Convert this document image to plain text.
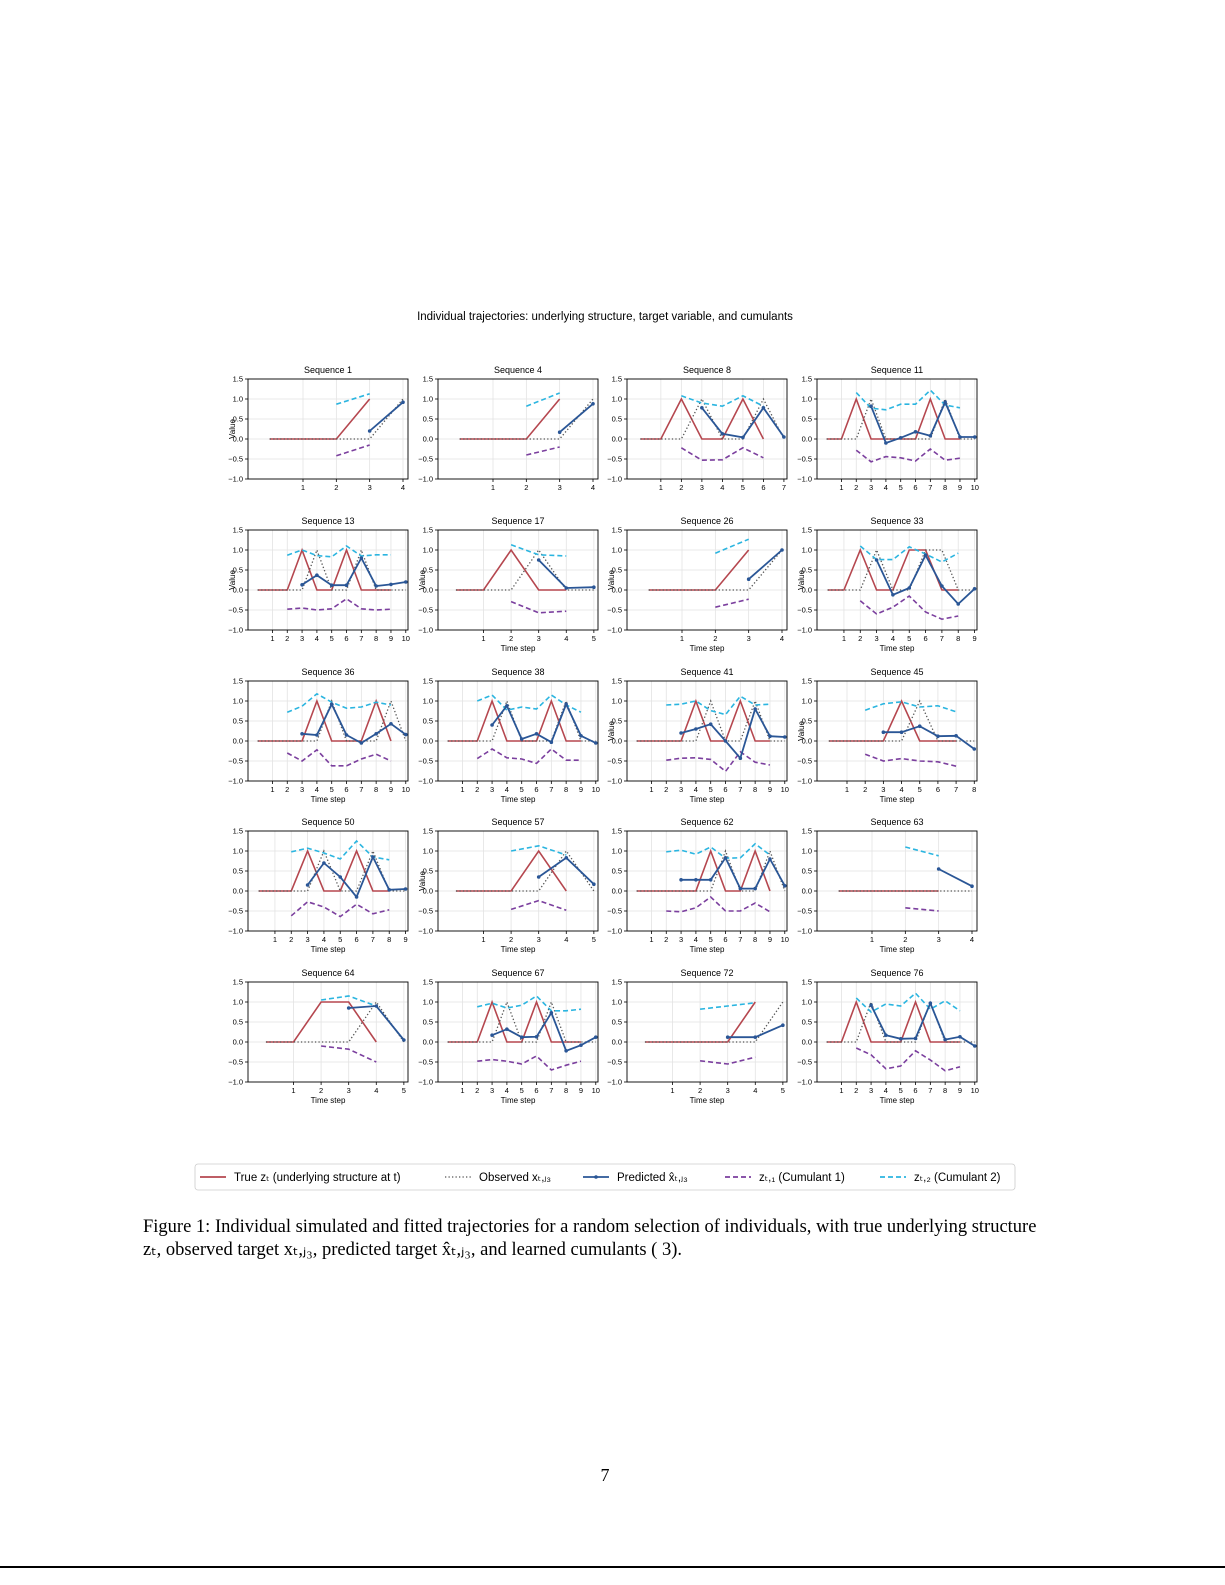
Individual trajectories: underlying structure, target variable, and cumulants
1.5
1.0
0.5
0.0
−0.5
−1.0
1	2	3	4
Sequence 1
Value
1.5
1.0
0.5
0.0
−0.5
−1.0
1	2	3	4
Sequence 4
1.5
1.0
0.5
0.0
−0.5
−1.0
1 2 3 4 5 6 7
Sequence 8
1.5
1.0
0.5
0.0
−0.5
−1.0
1 2 3 4 5 6 7 8 9 10
Sequence 11
1.5
1.0
0.5
0.0
−0.5
−1.0
1 2 3 4 5 6 7 8 9 10
Sequence 13
Value
1.5
1.0
0.5
0.0
−0.5
−1.0
1	2	3	4	5
Sequence 17
Value
Time step
1.5
1.0
0.5
0.0
−0.5
−1.0
1	2	3	4
Sequence 26
Value
Time step
1.5
1.0
0.5
0.0
−0.5
−1.0
1 2 3 4 5 6 7 8 9
Sequence 33
Value
Time step
1.5
1.0
0.5
0.0
−0.5
−1.0
1 2 3 4 5 6 7 8 9 10
Sequence 36
Time step
1.5
1.0
0.5
0.0
−0.5
−1.0
1 2 3 4 5 6 7 8 9 10
Sequence 38
Time step
1.5
1.0
0.5
0.0
−0.5
−1.0
1 2 3 4 5 6 7 8 9 10
Sequence 41
Value
Time step
1.5
1.0
0.5
0.0
−0.5
−1.0
1 2 3 4 5 6 7 8
Sequence 45
Value
Time step
1.5
1.0
0.5
0.0
−0.5
−1.0
1 2 3 4 5 6 7 8 9
Sequence 50
Time step
1.5
1.0
0.5
0.0
−0.5
−1.0
1	2	3	4	5
Sequence 57
Value
Time step
1.5
1.0
0.5
0.0
−0.5
−1.0
1 2 3 4 5 6 7 8 9 10
Sequence 62
Time step
1.5
1.0
0.5
0.0
−0.5
−1.0
1	2	3	4
Sequence 63
Time step
1.5
1.0
0.5
0.0
−0.5
−1.0
1	2	3	4	5
Sequence 64
Time step
1.5
1.0
0.5
0.0
−0.5
−1.0
1 2 3 4 5 6 7 8 9 10
Sequence 67
Time step
1.5
1.0
0.5
0.0
−0.5
−1.0
1	2	3	4	5
Sequence 72
Time step
1.5
1.0
0.5
0.0
−0.5
−1.0
1 2 3 4 5 6 7 8 9 10
Sequence 76
Time step
True zₜ (underlying structure at t)	Observed xₜ,ⱼ₃	Predicted x̂ₜ,ⱼ₃	zₜ,₁ (Cumulant 1)	zₜ,₂ (Cumulant 2)
Figure 1: Individual simulated and fitted trajectories for a random selection of individuals, with true underlying structure
zₜ, observed target xₜ,ⱼ₃, predicted target x̂ₜ,ⱼ₃, and learned cumulants ( 3).
7
